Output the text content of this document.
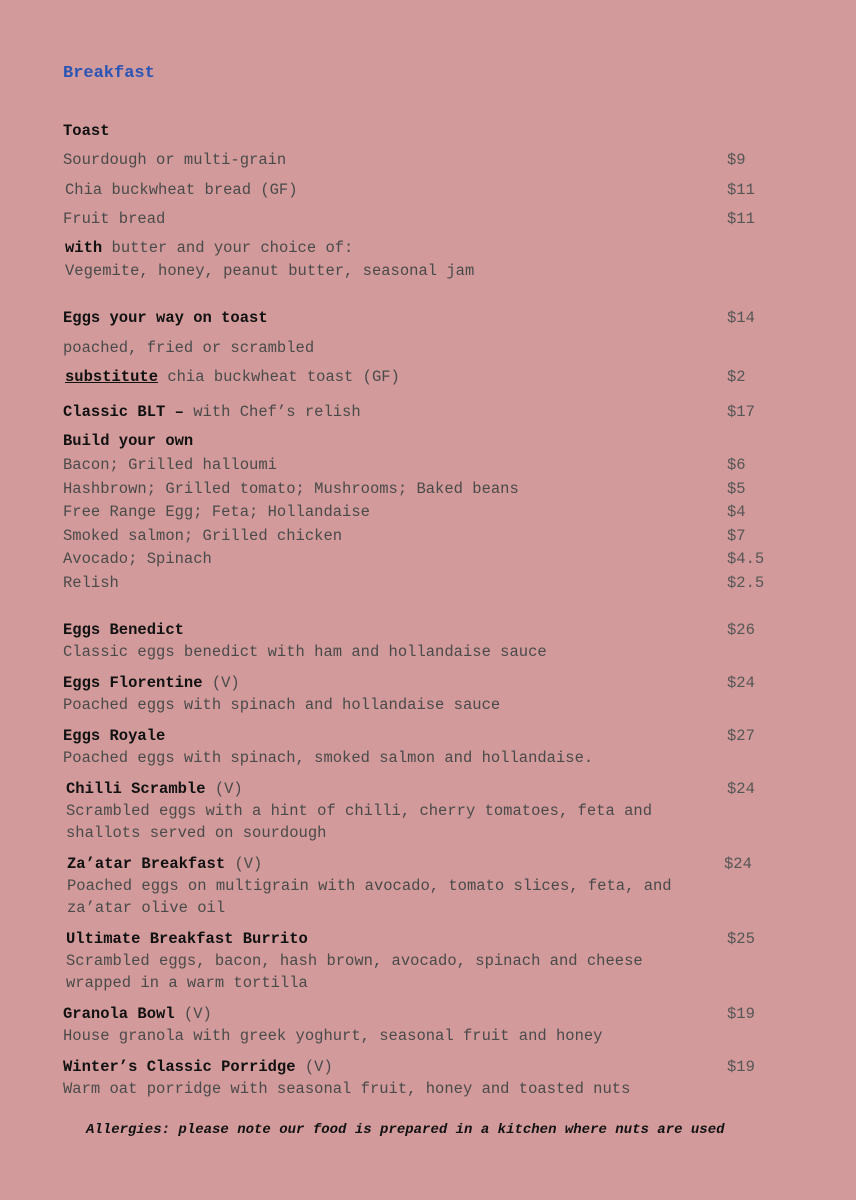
Breakfast
Toast
Sourdough or multi-grain	$9
Chia buckwheat bread (GF)	$11
Fruit bread	$11
with butter and your choice of:
Vegemite, honey, peanut butter, seasonal jam
Eggs your way on toast	$14
poached, fried or scrambled
substitute chia buckwheat toast (GF)	$2
Classic BLT – with Chef’s relish	$17
Build your own
Bacon; Grilled halloumi	$6
Hashbrown; Grilled tomato; Mushrooms; Baked beans	$5
Free Range Egg; Feta; Hollandaise	$4
Smoked salmon; Grilled chicken	$7
Avocado; Spinach	$4.5
Relish	$2.5
Eggs Benedict	$26
Classic eggs benedict with ham and hollandaise sauce
Eggs Florentine (V)	$24
Poached eggs with spinach and hollandaise sauce
Eggs Royale	$27
Poached eggs with spinach, smoked salmon and hollandaise.
Chilli Scramble (V)	$24
Scrambled eggs with a hint of chilli, cherry tomatoes, feta and
shallots served on sourdough
Za’atar Breakfast (V)	$24
Poached eggs on multigrain with avocado, tomato slices, feta, and
za’atar olive oil
Ultimate Breakfast Burrito	$25
Scrambled eggs, bacon, hash brown, avocado, spinach and cheese
wrapped in a warm tortilla
Granola Bowl (V)	$19
House granola with greek yoghurt, seasonal fruit and honey
Winter’s Classic Porridge (V)	$19
Warm oat porridge with seasonal fruit, honey and toasted nuts
Allergies: please note our food is prepared in a kitchen where nuts are used
